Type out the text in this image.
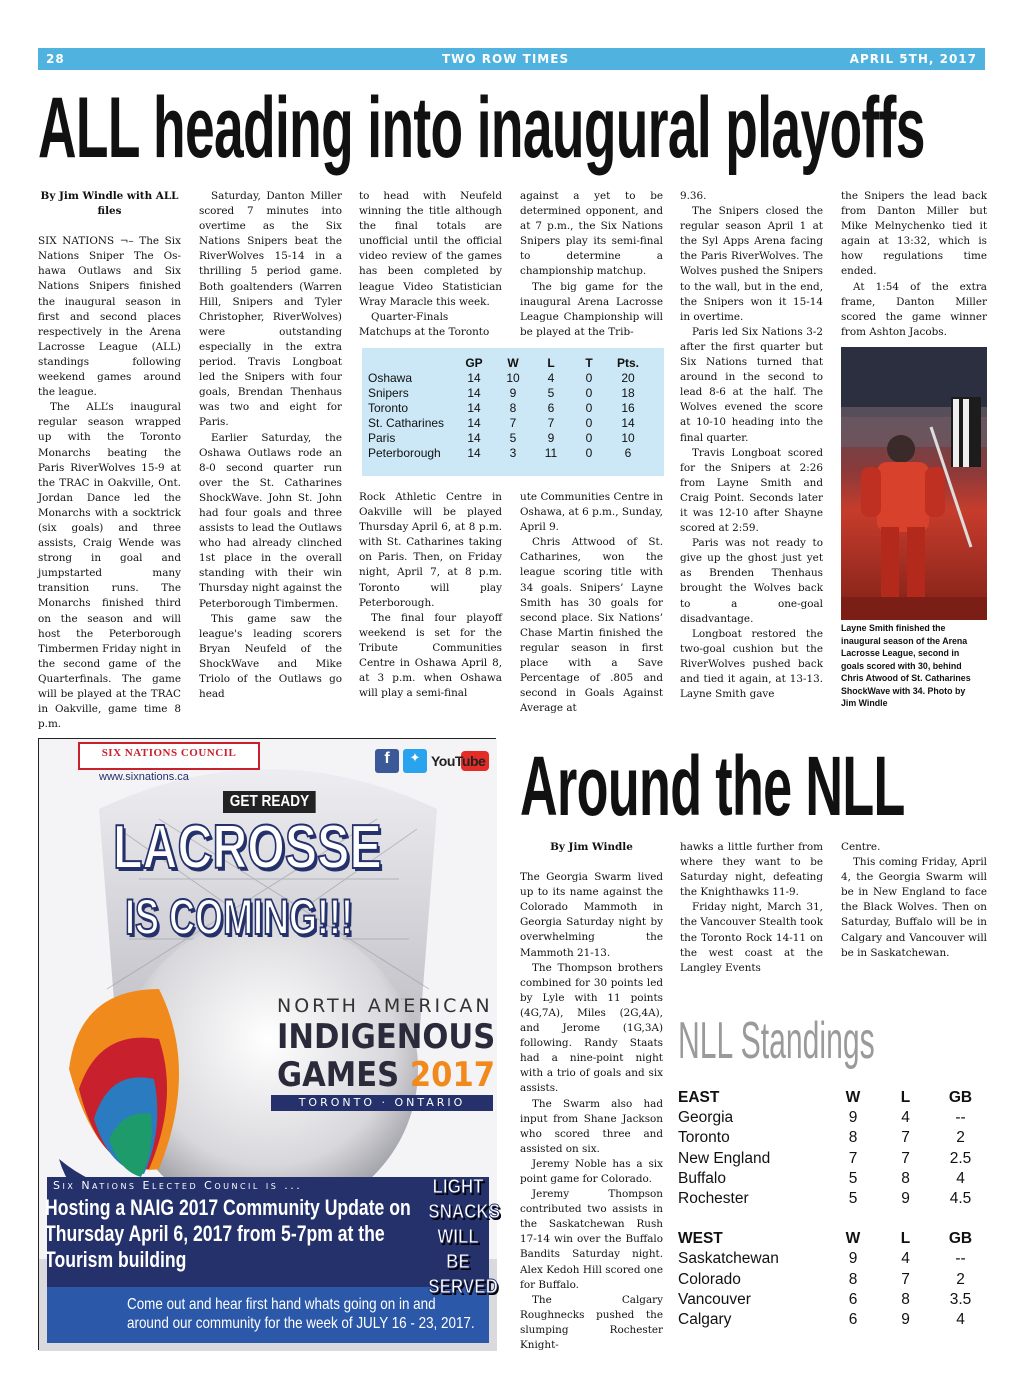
28	TWO ROW TIMES	APRIL 5TH, 2017
ALL heading into inaugural playoffs

By Jim Windle with ALL files

SIX NATIONS ¬– The Six Nations Sniper The Os-hawa Outlaws and Six Nations Snipers finished the inaugural season in first and second places respectively in the Arena Lacrosse League (ALL) standings following weekend games around the league.

The ALL’s inaugural regular season wrapped up with the Toronto Monarchs beating the Paris RiverWolves 15-9 at the TRAC in Oakville, Ont. Jordan Dance led the Monarchs with a socktrick (six goals) and three assists, Craig Wende was strong in goal and jumpstarted many transition runs. The Monarchs finished third on the season and will host the Peterborough Timbermen Friday night in the second game of the Quarterfinals. The game will be played at the TRAC in Oakville, game time 8 p.m.

Saturday, Danton Miller scored 7 minutes into overtime as the Six Nations Snipers beat the RiverWolves 15-14 in a thrilling 5 period game. Both goaltenders (Warren Hill, Snipers and Tyler Christopher, RiverWolves) were outstanding especially in the extra period. Travis Longboat led the Snipers with four goals, Brendan Thenhaus was two and eight for Paris.

Earlier Saturday, the Oshawa Outlaws rode an 8-0 second quarter run over the St. Catharines ShockWave. John St. John had four goals and three assists to lead the Outlaws who had already clinched 1st place in the overall standing with their win Thursday night against the Peterborough Timbermen.

This game saw the league's leading scorers Bryan Neufeld of the ShockWave and Mike Triolo of the Outlaws go head

to head with Neufeld winning the title although the final totals are unofficial until the official video review of the games has been completed by league Video Statistician Wray Maracle this week.

Quarter-Finals Matchups at the Toronto

against a yet to be determined opponent, and at 7 p.m., the Six Nations Snipers play its semi-final to determine a championship matchup.

The big game for the inaugural Arena Lacrosse League Championship will be played at the Trib-

	GP	W	L	T	Pts.
Oshawa	14	10	4	0	20
Snipers	14	9	5	0	18
Toronto	14	8	6	0	16
St. Catharines	14	7	7	0	14
Paris	14	5	9	0	10
Peterborough	14	3	11	0	6

Rock Athletic Centre in Oakville will be played Thursday April 6, at 8 p.m. with St. Catharines taking on Paris. Then, on Friday night, April 7, at 8 p.m. Toronto will play Peterborough.

The final four playoff weekend is set for the Tribute Communities Centre in Oshawa April 8, at 3 p.m. when Oshawa will play a semi-final

ute Communities Centre in Oshawa, at 6 p.m., Sunday, April 9.

Chris Attwood of St. Catharines, won the league scoring title with 34 goals. Snipers’ Layne Smith has 30 goals for second place. Six Nations’ Chase Martin finished the regular season in first place with a Save Percentage of .805 and second in Goals Against Average at

9.36.

The Snipers closed the regular season April 1 at the Syl Apps Arena facing the Paris RiverWolves. The Wolves pushed the Snipers to the wall, but in the end, the Snipers won it 15-14 in overtime.

Paris led Six Nations 3-2 after the first quarter but Six Nations turned that around in the second to lead 8-6 at the half. The Wolves evened the score at 10-10 heading into the final quarter.

Travis Longboat scored for the Snipers at 2:26 from Layne Smith and Craig Point. Seconds later it was 12-10 after Shayne scored at 2:59.

Paris was not ready to give up the ghost just yet as Brenden Thenhaus brought the Wolves back to a one-goal disadvantage.

Longboat restored the two-goal cushion but the RiverWolves pushed back and tied it again, at 13-13. Layne Smith gave

the Snipers the lead back from Danton Miller but Mike Melnychenko tied it again at 13:32, which is how regulations time ended.

At 1:54 of the extra frame, Danton Miller scored the game winner from Ashton Jacobs.

Layne Smith finished the inaugural season of the Arena Lacrosse League, second in goals scored with 30, behind Chris Atwood of St. Catharines ShockWave with 34. Photo by Jim Windle
SIX NATIONS COUNCIL
www.sixnations.ca
f	✦ YouTube
GET READY
LACROSSE
IS COMING!!!
NORTH AMERICAN
INDIGENOUS
GAMES 2017
TORONTO · ONTARIO
Six Nations Elected Council is ...
Hosting a NAIG 2017 Community Update on Thursday April 6, 2017 from 5-7pm at the Tourism building
LIGHT
SNACKS
WILL BE
SERVED
Come out and hear first hand whats going on in and around our community for the week of JULY 16 - 23, 2017.
Around the NLL

By Jim Windle

The Georgia Swarm lived up to its name against the Colorado Mammoth in Georgia Saturday night by overwhelming the Mammoth 21-13.

The Thompson brothers combined for 30 points led by Lyle with 11 points (4G,7A), Miles (2G,4A), and Jerome (1G,3A) following. Randy Staats had a nine-point night with a trio of goals and six assists.

The Swarm also had input from Shane Jackson who scored three and assisted on six.

Jeremy Noble has a six point game for Colorado.

Jeremy Thompson contributed two assists in the Saskatchewan Rush 17-14 win over the Buffalo Bandits Saturday night. Alex Kedoh Hill scored one for Buffalo.

The Calgary Roughnecks pushed the slumping Rochester Knight-

hawks a little further from where they want to be Saturday night, defeating the Knighthawks 11-9.

Friday night, March 31, the Vancouver Stealth took the Toronto Rock 14-11 on the west coast at the Langley Events

Centre.

This coming Friday, April 4, the Georgia Swarm will be in New England to face the Black Wolves. Then on Saturday, Buffalo will be in Calgary and Vancouver will be in Saskatchewan.

NLL Standings
EAST	W	L	GB
Georgia	9	4	--
Toronto	8	7	2
New England	7	7	2.5
Buffalo	5	8	4
Rochester	5	9	4.5

WEST	W	L	GB
Saskatchewan	9	4	--
Colorado	8	7	2
Vancouver	6	8	3.5
Calgary	6	9	4
